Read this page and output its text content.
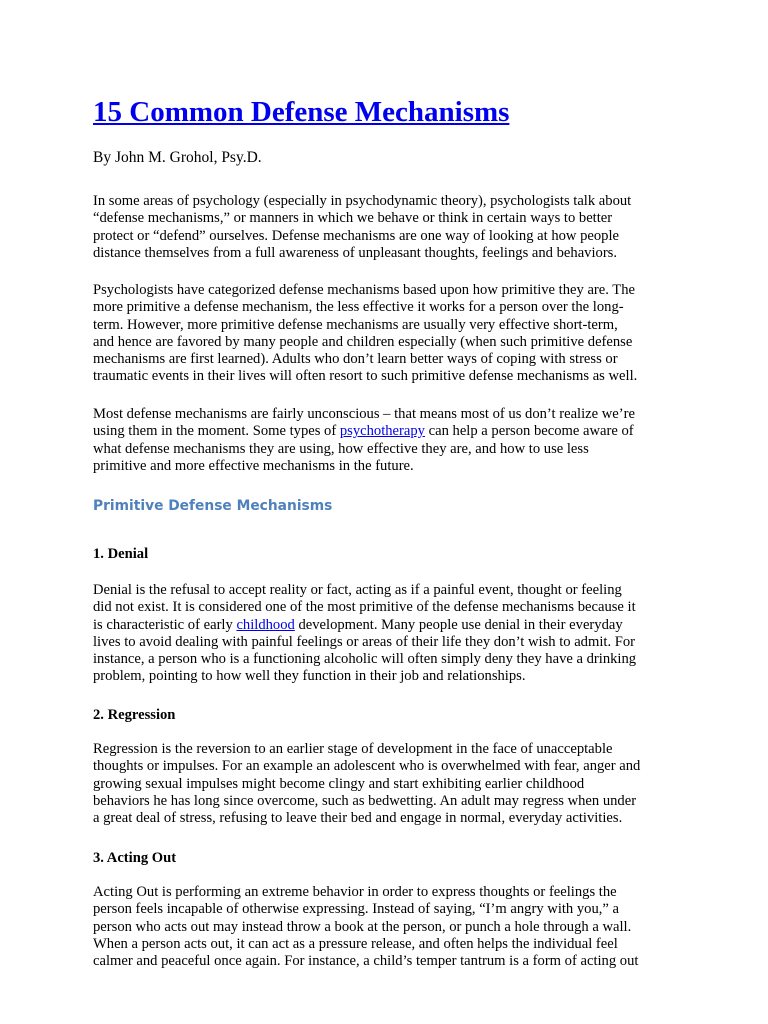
15 Common Defense Mechanisms
By John M. Grohol, Psy.D.
In some areas of psychology (especially in psychodynamic theory), psychologists talk about
“defense mechanisms,” or manners in which we behave or think in certain ways to better
protect or “defend” ourselves. Defense mechanisms are one way of looking at how people
distance themselves from a full awareness of unpleasant thoughts, feelings and behaviors.
Psychologists have categorized defense mechanisms based upon how primitive they are. The
more primitive a defense mechanism, the less effective it works for a person over the long-
term. However, more primitive defense mechanisms are usually very effective short-term,
and hence are favored by many people and children especially (when such primitive defense
mechanisms are first learned). Adults who don’t learn better ways of coping with stress or
traumatic events in their lives will often resort to such primitive defense mechanisms as well.
Most defense mechanisms are fairly unconscious – that means most of us don’t realize we’re
using them in the moment. Some types of psychotherapy can help a person become aware of
what defense mechanisms they are using, how effective they are, and how to use less
primitive and more effective mechanisms in the future.
Primitive Defense Mechanisms
1. Denial
Denial is the refusal to accept reality or fact, acting as if a painful event, thought or feeling
did not exist. It is considered one of the most primitive of the defense mechanisms because it
is characteristic of early childhood development. Many people use denial in their everyday
lives to avoid dealing with painful feelings or areas of their life they don’t wish to admit. For
instance, a person who is a functioning alcoholic will often simply deny they have a drinking
problem, pointing to how well they function in their job and relationships.
2. Regression
Regression is the reversion to an earlier stage of development in the face of unacceptable
thoughts or impulses. For an example an adolescent who is overwhelmed with fear, anger and
growing sexual impulses might become clingy and start exhibiting earlier childhood
behaviors he has long since overcome, such as bedwetting. An adult may regress when under
a great deal of stress, refusing to leave their bed and engage in normal, everyday activities.
3. Acting Out
Acting Out is performing an extreme behavior in order to express thoughts or feelings the
person feels incapable of otherwise expressing. Instead of saying, “I’m angry with you,” a
person who acts out may instead throw a book at the person, or punch a hole through a wall.
When a person acts out, it can act as a pressure release, and often helps the individual feel
calmer and peaceful once again. For instance, a child’s temper tantrum is a form of acting out
